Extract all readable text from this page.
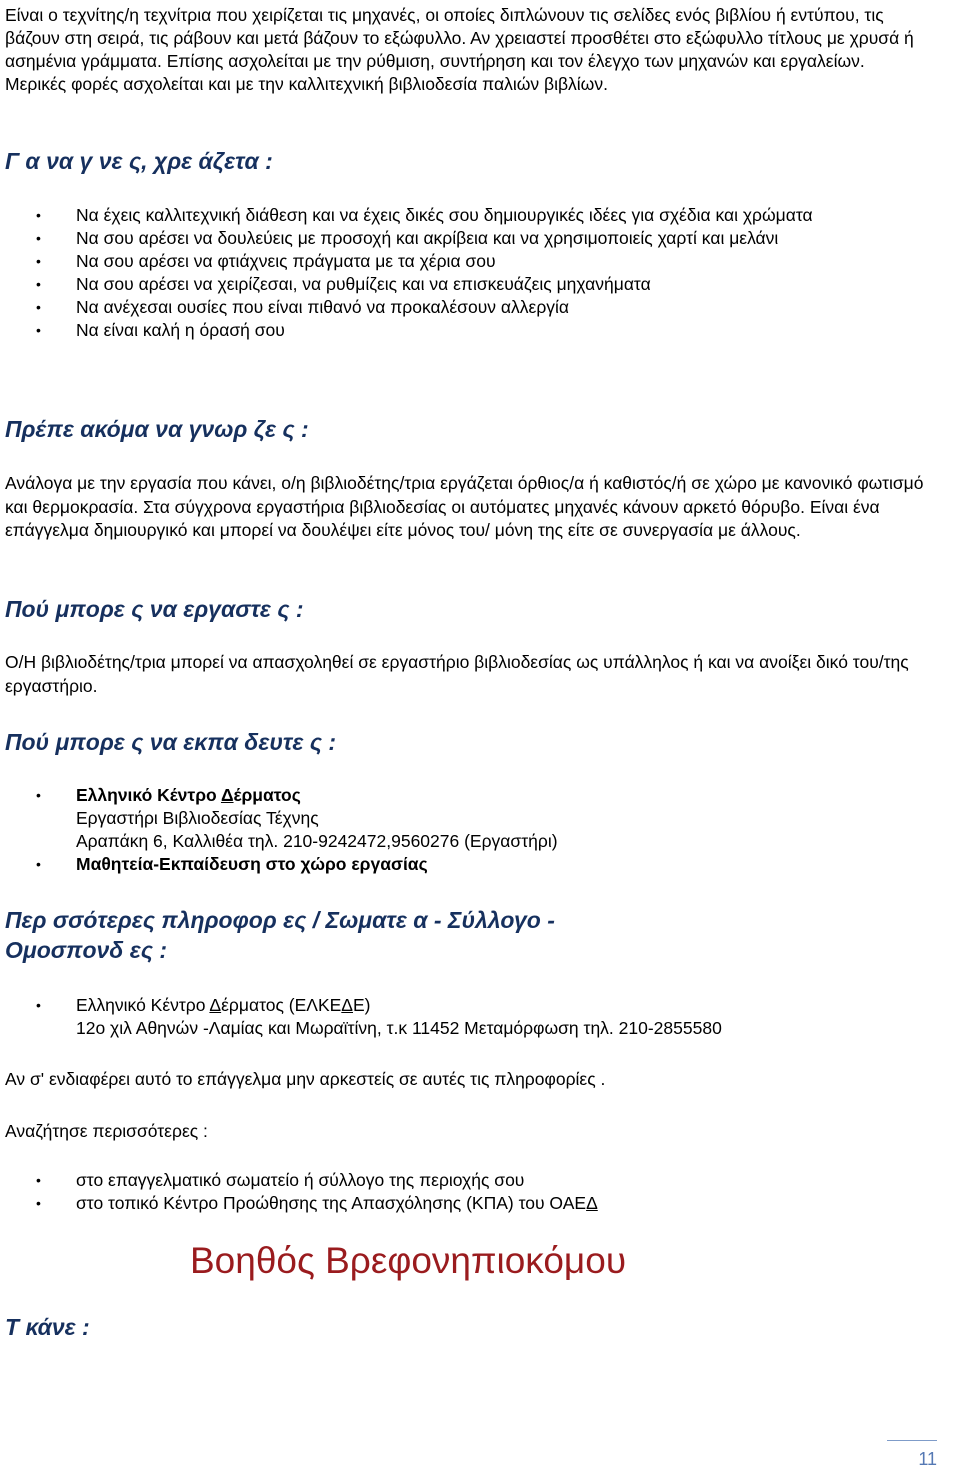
Είναι ο τεχνίτης/η τεχνίτρια που χειρίζεται τις μηχανές, οι οποίες διπλώνουν τις σελίδες ενός βιβλίου ή εντύπου, τις βάζουν στη σειρά, τις ράβουν και μετά βάζουν το εξώφυλλο. Αν χρειαστεί προσθέτει στο εξώφυλλο τίτλους με χρυσά ή ασημένια γράμματα. Επίσης ασχολείται με την ρύθμιση, συντήρηση και τον έλεγχο των μηχανών και εργαλείων. Μερικές φορές ασχολείται και με την καλλιτεχνική βιβλιοδεσία παλιών βιβλίων.
Γ α να γ νε ς, χρε άζετα :
• Να έχεις καλλιτεχνική διάθεση και να έχεις δικές σου δημιουργικές ιδέες για σχέδια και χρώματα
• Να σου αρέσει να δουλεύεις με προσοχή και ακρίβεια και να χρησιμοποιείς χαρτί και μελάνι
• Να σου αρέσει να φτιάχνεις πράγματα με τα χέρια σου
• Να σου αρέσει να χειρίζεσαι, να ρυθμίζεις και να επισκευάζεις μηχανήματα
• Να ανέχεσαι ουσίες που είναι πιθανό να προκαλέσουν αλλεργία
• Να είναι καλή η όρασή σου
Πρέπε ακόμα να γνωρ ζε ς :
Ανάλογα με την εργασία που κάνει, ο/η βιβλιοδέτης/τρια εργάζεται όρθιος/α ή καθιστός/ή σε χώρο με κανονικό φωτισμό και θερμοκρασία. Στα σύγχρονα εργαστήρια βιβλιοδεσίας οι αυτόματες μηχανές κάνουν αρκετό θόρυβο. Είναι ένα επάγγελμα δημιουργικό και μπορεί να δουλέψει είτε μόνος του/ μόνη της είτε σε συνεργασία με άλλους.
Πού μπορε ς να εργαστε ς :
Ο/Η βιβλιοδέτης/τρια μπορεί να απασχοληθεί σε εργαστήριο βιβλιοδεσίας ως υπάλληλος ή και να ανοίξει δικό του/της εργαστήριο.
Πού μπορε ς να εκπα δευτε ς :
• Ελληνικό Κέντρο Δέρματος
Εργαστήρι Βιβλιοδεσίας Τέχνης
Αραπάκη 6, Καλλιθέα τηλ. 210-9242472,9560276 (Εργαστήρι)
• Μαθητεία-Εκπαίδευση στο χώρο εργασίας
Περ σσότερες πληροφορ ες / Σωματε α - Σύλλογο -
Ομοσπονδ ες :
• Ελληνικό Κέντρο Δέρματος (ΕΛΚΕΔΕ)
12ο χιλ Αθηνών -Λαμίας και Μωραϊτίνη, τ.κ 11452 Μεταμόρφωση τηλ. 210-2855580
Αν σ' ενδιαφέρει αυτό το επάγγελμα μην αρκεστείς σε αυτές τις πληροφορίες .
Αναζήτησε περισσότερες :
• στο επαγγελματικό σωματείο ή σύλλογο της περιοχής σου
• στο τοπικό Κέντρο Προώθησης της Απασχόλησης (ΚΠΑ) του ΟΑΕΔ
Βοηθός Βρεφονηπιοκόμου
Τ κάνε :
11
